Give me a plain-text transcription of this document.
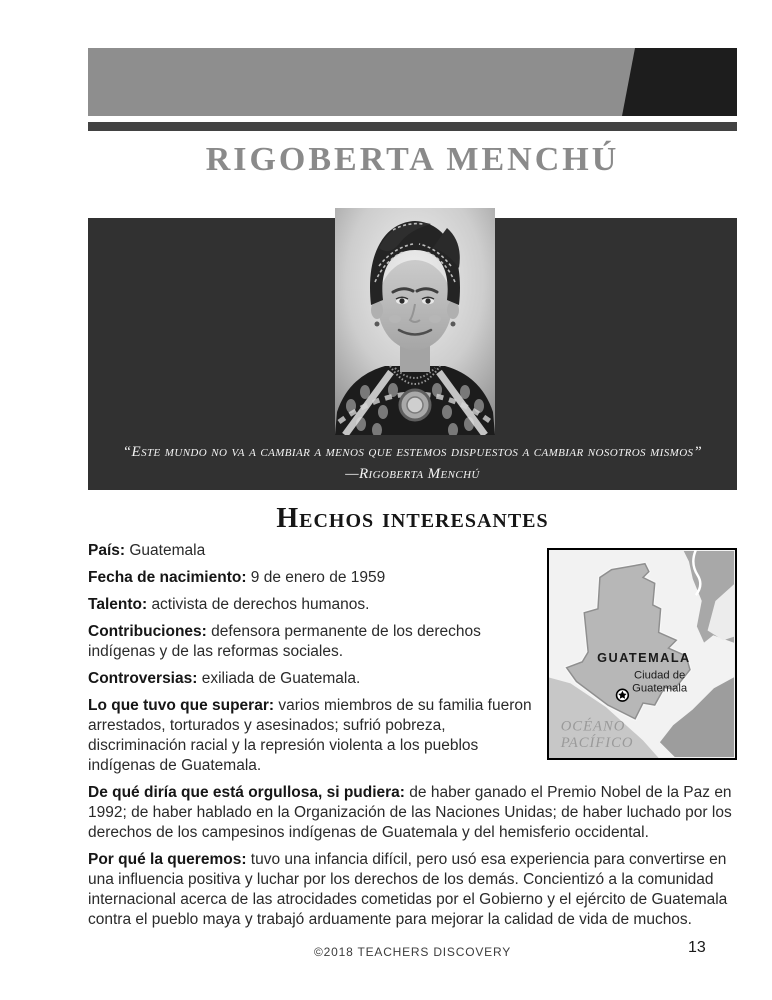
RIGOBERTA MENCHÚ
“Este mundo no va a cambiar a menos que estemos dispuestos a cambiar nosotros mismos”
—Rigoberta Menchú
Hechos interesantes
GUATEMALA
Ciudad de
Guatemala
OCÉANO
PACÍFICO

País: Guatemala

Fecha de nacimiento: 9 de enero de 1959

Talento: activista de derechos humanos.

Contribuciones: defensora permanente de los derechos indígenas y de las reformas sociales.

Controversias: exiliada de Guatemala.

Lo que tuvo que superar: varios miembros de su familia fueron arrestados, torturados y asesinados; sufrió pobreza, discriminación racial y la represión violenta a los pueblos indígenas de Guatemala.

De qué diría que está orgullosa, si pudiera: de haber ganado el Premio Nobel de la Paz en 1992; de haber hablado en la Organización de las Naciones Unidas; de haber luchado por los derechos de los campesinos indígenas de Guatemala y del hemisferio occidental.

Por qué la queremos: tuvo una infancia difícil, pero usó esa experiencia para convertirse en una influencia positiva y luchar por los derechos de los demás. Concientizó a la comunidad internacional acerca de las atrocidades cometidas por el Gobierno y el ejército de Guatemala contra el pueblo maya y trabajó arduamente para mejorar la calidad de vida de muchos.

©2018 TEACHERS DISCOVERY	13
